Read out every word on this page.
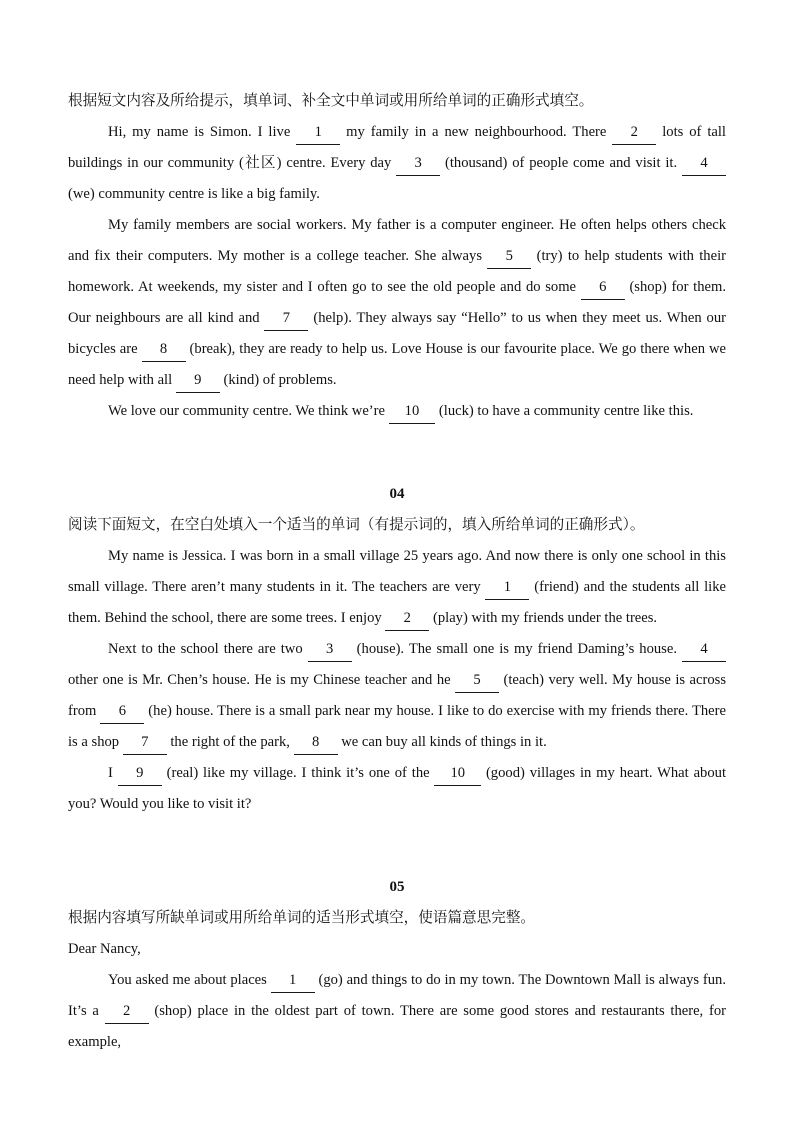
根据短文内容及所给提示，填单词、补全文中单词或用所给单词的正确形式填空。
Hi, my name is Simon. I live 1 my family in a new neighbourhood. There 2 lots of tall buildings in our community (社区) centre. Every day 3 (thousand) of people come and visit it. 4 (we) community centre is like a big family.
My family members are social workers. My father is a computer engineer. He often helps others check and fix their computers. My mother is a college teacher. She always 5 (try) to help students with their homework. At weekends, my sister and I often go to see the old people and do some 6 (shop) for them. Our neighbours are all kind and 7 (help). They always say “Hello” to us when they meet us. When our bicycles are 8 (break), they are ready to help us. Love House is our favourite place. We go there when we need help with all 9 (kind) of problems.
We love our community centre. We think we’re 10 (luck) to have a community centre like this.
04
阅读下面短文，在空白处填入一个适当的单词（有提示词的，填入所给单词的正确形式）。
My name is Jessica. I was born in a small village 25 years ago. And now there is only one school in this small village. There aren’t many students in it. The teachers are very 1 (friend) and the students all like them. Behind the school, there are some trees. I enjoy 2 (play) with my friends under the trees.
Next to the school there are two 3 (house). The small one is my friend Daming’s house. 4 other one is Mr. Chen’s house. He is my Chinese teacher and he 5 (teach) very well. My house is across from 6 (he) house. There is a small park near my house. I like to do exercise with my friends there. There is a shop 7 the right of the park, 8 we can buy all kinds of things in it.
I 9 (real) like my village. I think it’s one of the 10 (good) villages in my heart. What about you? Would you like to visit it?
05
根据内容填写所缺单词或用所给单词的适当形式填空，使语篇意思完整。
Dear Nancy,
You asked me about places 1 (go) and things to do in my town. The Downtown Mall is always fun. It’s a 2 (shop) place in the oldest part of town. There are some good stores and restaurants there, for example,
